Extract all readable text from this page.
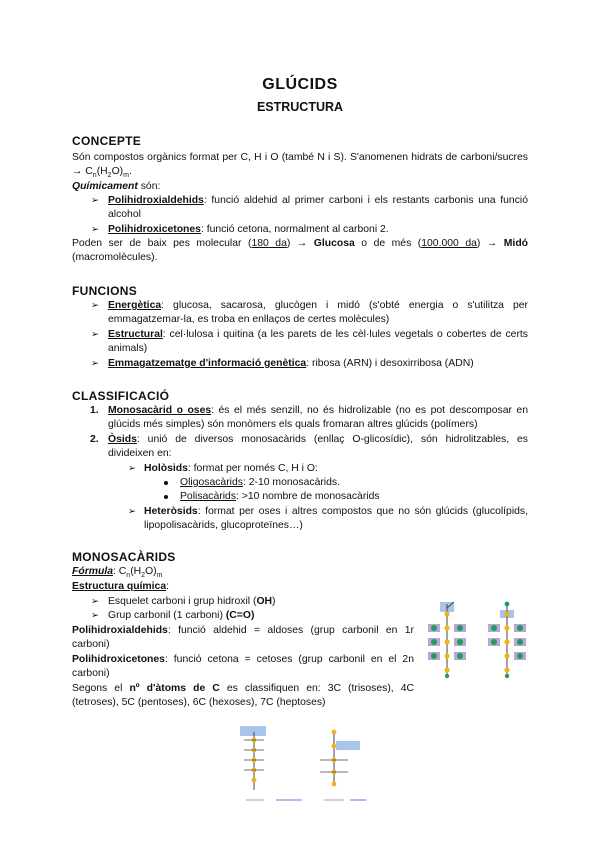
GLÚCIDS
ESTRUCTURA
CONCEPTE
Són compostos orgànics format per C, H i O (també N i S). S'anomenen hidrats de carboni/sucres → $C_n(H_2O)_m$.
Químicament són:
➢ Polihidroxialdehids: funció aldehid al primer carboni i els restants carbonis una funció alcohol
➢ Polihidroxicetones: funció cetona, normalment al carboni 2.
Poden ser de baix pes molecular (180 da) → Glucosa o de més (100.000 da) → Midó (macromolècules).
FUNCIONS
➢ Energètica: glucosa, sacarosa, glucògen i midó (s'obté energia o s'utilitza per emmagatzemar-la, es troba en enllaços de certes molècules)
➢ Estructural: cel·lulosa i quitina (a les parets de les cèl·lules vegetals o cobertes de certs animals)
➢ Emmagatzematge d'informació genètica: ribosa (ARN) i desoxirribosa (ADN)
CLASSIFICACIÓ
1. Monosacàrid o oses: és el més senzill, no és hidrolizable (no es pot descomposar en glúcids més simples) són monòmers els quals fromaran altres glúcids (polímers)
2. Òsids: unió de diversos monosacàrids (enllaç O-glicosídic), són hidrolitzables, es divideixen en:
➢ Holòsids: format per només C, H i O:
Oligosacàrids: 2-10 monosacàrids.
Polisacàrids: >10 nombre de monosacàrids
➢ Heteròsids: format per oses i altres compostos que no són glúcids (glucolípids, lipopolisacàrids, glucoproteïnes…)
MONOSACÀRIDS
Fórmula: $C_n(H_2O)_m$
Estructura química:
➢ Esquelet carboni i grup hidroxil (OH)
➢ Grup carbonil (1 carboni) (C=O)
Polihidroxialdehids: funció aldehid = aldoses (grup carbonil en 1r carboni)
Polihidroxicetones: funció cetona = cetoses (grup carbonil en el 2n carboni)
Segons el nº d'àtoms de C es classifiquen en: 3C (trisoses), 4C (tetroses), 5C (pentoses), 6C (hexoses), 7C (heptoses)
